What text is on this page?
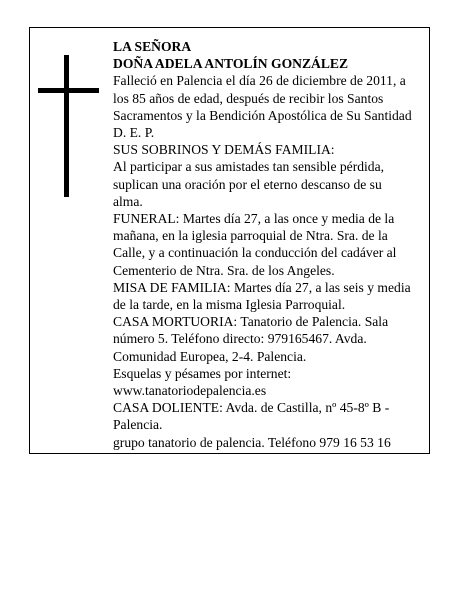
LA SEÑORA

DOÑA ADELA ANTOLÍN GONZÁLEZ

Falleció en Palencia el día 26 de diciembre de 2011, a los 85 años de edad, después de recibir los Santos Sacramentos y la Bendición Apostólica de Su Santidad

D. E. P.

SUS SOBRINOS Y DEMÁS FAMILIA:

Al participar a sus amistades tan sensible pérdida, suplican una oración por el eterno descanso de su alma.

FUNERAL: Martes día 27, a las once y media de la mañana, en la iglesia parroquial de Ntra. Sra. de la Calle, y a continuación la conducción del cadáver al Cementerio de Ntra. Sra. de los Angeles.

MISA DE FAMILIA: Martes día 27, a las seis y media de la tarde, en la misma Iglesia Parroquial.

CASA MORTUORIA: Tanatorio de Palencia. Sala número 5. Teléfono directo: 979165467. Avda. Comunidad Europea, 2-4. Palencia.

Esquelas y pésames por internet:

www.tanatoriodepalencia.es

CASA DOLIENTE: Avda. de Castilla, nº 45-8º B - Palencia.

grupo tanatorio de palencia. Teléfono 979 16 53 16
